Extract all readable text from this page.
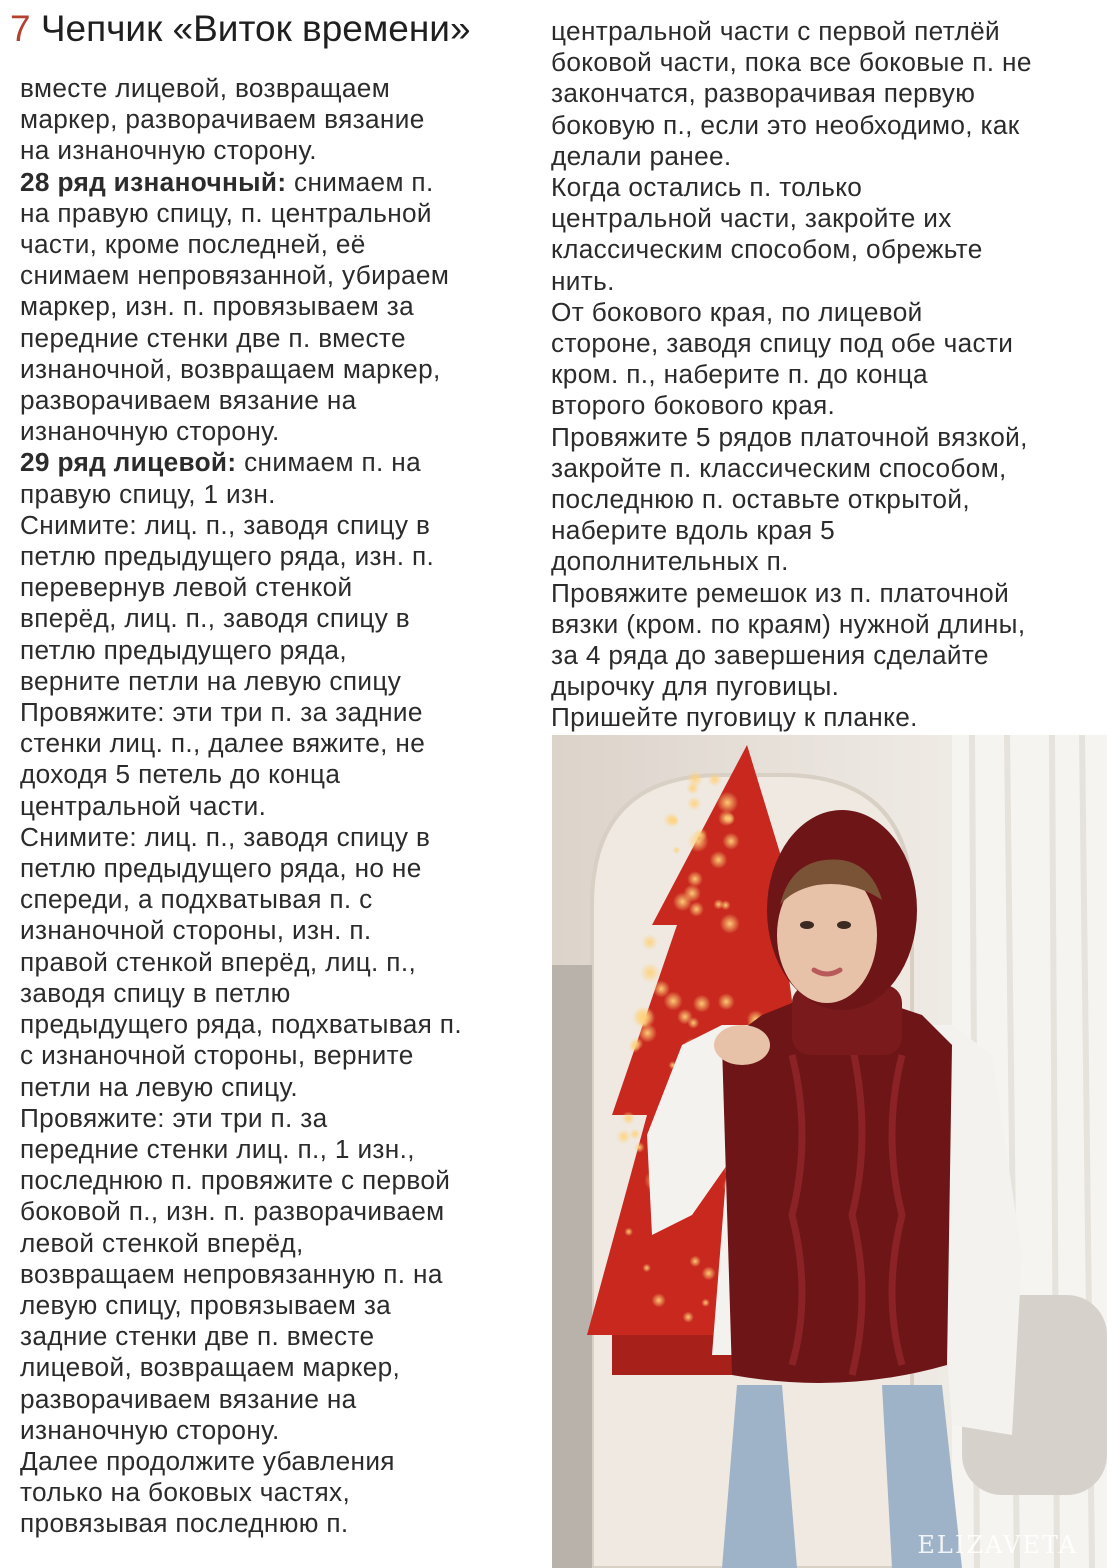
7 Чепчик «Виток времени»

вместе лицевой, возвращаем

маркер, разворачиваем вязание

на изнаночную сторону.

28 ряд изнаночный: снимаем п.

на правую спицу, п. центральной

части, кроме последней, её

снимаем непровязанной, убираем

маркер, изн. п. провязываем за

передние стенки две п. вместе

изнаночной, возвращаем маркер,

разворачиваем вязание на

изнаночную сторону.

29 ряд лицевой: снимаем п. на

правую спицу, 1 изн.

Снимите: лиц. п., заводя спицу в

петлю предыдущего ряда, изн. п.

перевернув левой стенкой

вперёд, лиц. п., заводя спицу в

петлю предыдущего ряда,

верните петли на левую спицу

Провяжите: эти три п. за задние

стенки лиц. п., далее вяжите, не

доходя 5 петель до конца

центральной части.

Снимите: лиц. п., заводя спицу в

петлю предыдущего ряда, но не

спереди, а подхватывая п. с

изнаночной стороны, изн. п.

правой стенкой вперёд, лиц. п.,

заводя спицу в петлю

предыдущего ряда, подхватывая п.

с изнаночной стороны, верните

петли на левую спицу.

Провяжите: эти три п. за

передние стенки лиц. п., 1 изн.,

последнюю п. провяжите с первой

боковой п., изн. п. разворачиваем

левой стенкой вперёд,

возвращаем непровязанную п. на

левую спицу, провязываем за

задние стенки две п. вместе

лицевой, возвращаем маркер,

разворачиваем вязание на

изнаночную сторону.

Далее продолжите убавления

только на боковых частях,

провязывая последнюю п.

центральной части с первой петлёй

боковой части, пока все боковые п. не

закончатся, разворачивая первую

боковую п., если это необходимо, как

делали ранее.

Когда остались п. только

центральной части, закройте их

классическим способом, обрежьте

нить.

От бокового края, по лицевой

стороне, заводя спицу под обе части

кром. п., наберите п. до конца

второго бокового края.

Провяжите 5 рядов платочной вязкой,

закройте п. классическим способом,

последнюю п. оставьте открытой,

наберите вдоль края 5

дополнительных п.

Провяжите ремешок из п. платочной

вязки (кром. по краям) нужной длины,

за 4 ряда до завершения сделайте

дырочку для пуговицы.

Пришейте пуговицу к планке.

ELIZAVETA
